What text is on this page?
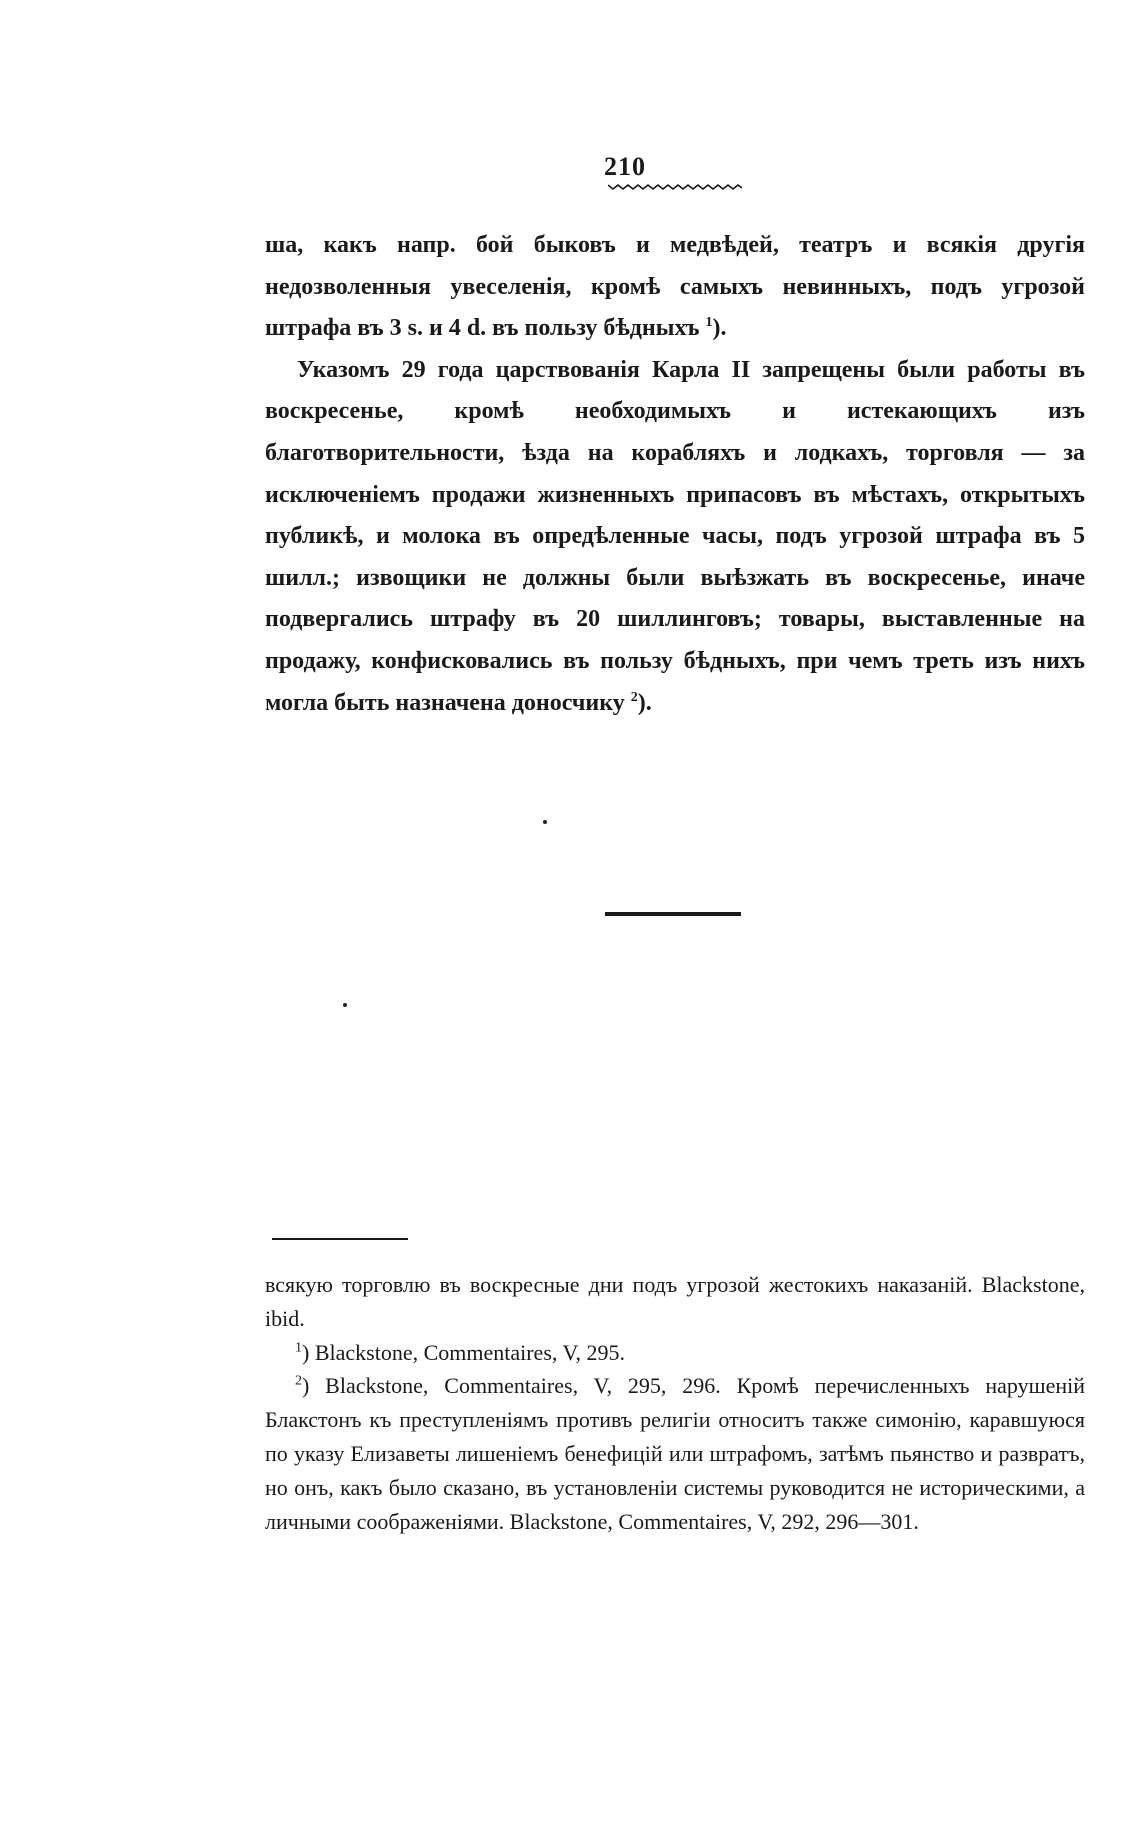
210

ша, какъ напр. бой быковъ и медвѣдей, театръ и всякія другія недозволенныя увеселенія, кромѣ самыхъ невинныхъ, подъ угрозой штрафа въ 3 s. и 4 d. въ пользу бѣдныхъ $^1$).

Указомъ 29 года царствованія Карла II запрещены были работы въ воскресенье, кромѣ необходимыхъ и истекающихъ изъ благотворительности, ѣзда на корабляхъ и лодкахъ, торговля — за исключеніемъ продажи жизненныхъ припасовъ въ мѣстахъ, открытыхъ публикѣ, и молока въ опредѣленные часы, подъ угрозой штрафа въ 5 шилл.; извощики не должны были выѣзжать въ воскресенье, иначе подвергались штрафу въ 20 шиллинговъ; товары, выставленные на продажу, конфисковались въ пользу бѣдныхъ, при чемъ треть изъ нихъ могла быть назначена доносчику $^2$).

всякую торговлю въ воскресные дни подъ угрозой жестокихъ наказаній. Blackstone, ibid.

$^1$) Blackstone, Commentaires, V, 295.

$^2$) Blackstone, Commentaires, V, 295, 296. Кромѣ перечисленныхъ нарушеній Блакстонъ къ преступленіямъ противъ религіи относитъ также симонію, каравшуюся по указу Елизаветы лишеніемъ бенефицій или штрафомъ, затѣмъ пьянство и развратъ, но онъ, какъ было сказано, въ установленіи системы руководится не историческими, а личными соображеніями. Blackstone, Commentaires, V, 292, 296—301.
